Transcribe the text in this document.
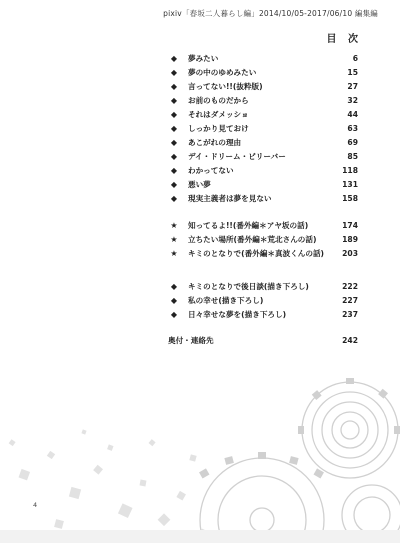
pixiv「春坂二人暮らし編」2014/10/05-2017/06/10 編集編
目 次
◆	夢みたい	6
◆	夢の中のゆめみたい	15
◆	言ってない!!(抜粋版)	27
◆	お前のものだから	32
◆	それはダメッショ	44
◆	しっかり見ておけ	63
◆	あこがれの理由	69
◆	デイ・ドリーム・ビリーバー	85
◆	わかってない	118
◆	悪い夢	131
◆	現実主義者は夢を見ない	158
★	知ってるよ!!(番外編＊アヤ坂の話)	174
★	立ちたい場所(番外編＊荒北さんの話)	189
★	キミのとなりで(番外編＊真波くんの話) 203
◆	キミのとなりで後日談(描き下ろし)	222
◆	私の幸せ(描き下ろし)	227
◆	日々幸せな夢を(描き下ろし)	237
奥付・連絡先	242
4
